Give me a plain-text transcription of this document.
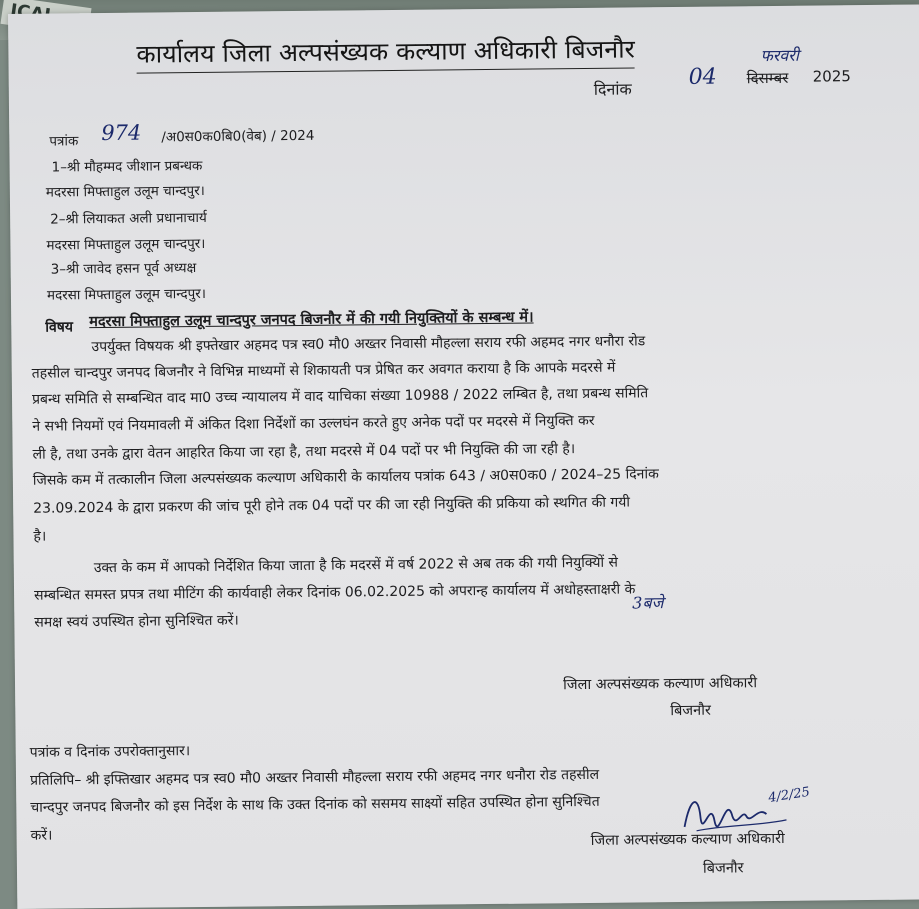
कार्यालय जिला अल्पसंख्यक कल्याण अधिकारी बिजनौर
दिनांक	04
फरवरी
दिसम्बर 2025
पत्रांक 974 /अ0स0क0बि0(वेब) / 2024
1–श्री मौहम्मद जीशान प्रबन्धक
मदरसा मिफ्ताहुल उलूम चान्दपुर।
2–श्री लियाकत अली प्रधानाचार्य
मदरसा मिफ्ताहुल उलूम चान्दपुर।
3–श्री जावेद हसन पूर्व अध्यक्ष
मदरसा मिफ्ताहुल उलूम चान्दपुर।
विषय मदरसा मिफ्ताहुल उलूम चान्दपुर जनपद बिजनौर में की गयी नियुक्तियों के सम्बन्ध में।
उपर्युक्त विषयक श्री इफ्तेखार अहमद पत्र स्व0 मौ0 अख्तर निवासी मौहल्ला सराय रफी अहमद नगर धनौरा रोड
तहसील चान्दपुर जनपद बिजनौर ने विभिन्न माध्यमों से शिकायती पत्र प्रेषित कर अवगत कराया है कि आपके मदरसे में
प्रबन्ध समिति से सम्बन्धित वाद मा0 उच्च न्यायालय में वाद याचिका संख्या 10988 / 2022 लम्बित है, तथा प्रबन्ध समिति
ने सभी नियमों एवं नियमावली में अंकित दिशा निर्देशों का उल्लघंन करते हुए अनेक पदों पर मदरसे में नियुक्ति कर
ली है, तथा उनके द्वारा वेतन आहरित किया जा रहा है, तथा मदरसे में 04 पदों पर भी नियुक्ति की जा रही है।
जिसके कम में तत्कालीन जिला अल्पसंख्यक कल्याण अधिकारी के कार्यालय पत्रांक 643 / अ0स0क0 / 2024–25 दिनांक
23.09.2024 के द्वारा प्रकरण की जांच पूरी होने तक 04 पदों पर की जा रही नियुक्ति की प्रकिया को स्थगित की गयी
है।
उक्त के कम में आपको निर्देशित किया जाता है कि मदरसें में वर्ष 2022 से अब तक की गयी नियुक्यिों से
सम्बन्धित समस्त प्रपत्र तथा मीटिंग की कार्यवाही लेकर दिनांक 06.02.2025 को अपरान्ह कार्यालय में अधोहस्ताक्षरी के
समक्ष स्वयं उपस्थित होना सुनिश्चित करें।
3बजे
जिला अल्पसंख्यक कल्याण अधिकारी
बिजनौर
पत्रांक व दिनांक उपरोक्तानुसार।
प्रतिलिपि– श्री इफ्तिखार अहमद पत्र स्व0 मौ0 अख्तर निवासी मौहल्ला सराय रफी अहमद नगर धनौरा रोड तहसील
चान्दपुर जनपद बिजनौर को इस निर्देश के साथ कि उक्त दिनांक को ससमय साक्ष्यों सहित उपस्थित होना सुनिश्चित
करें।
4/2/25
जिला अल्पसंख्यक कल्याण अधिकारी
बिजनौर
